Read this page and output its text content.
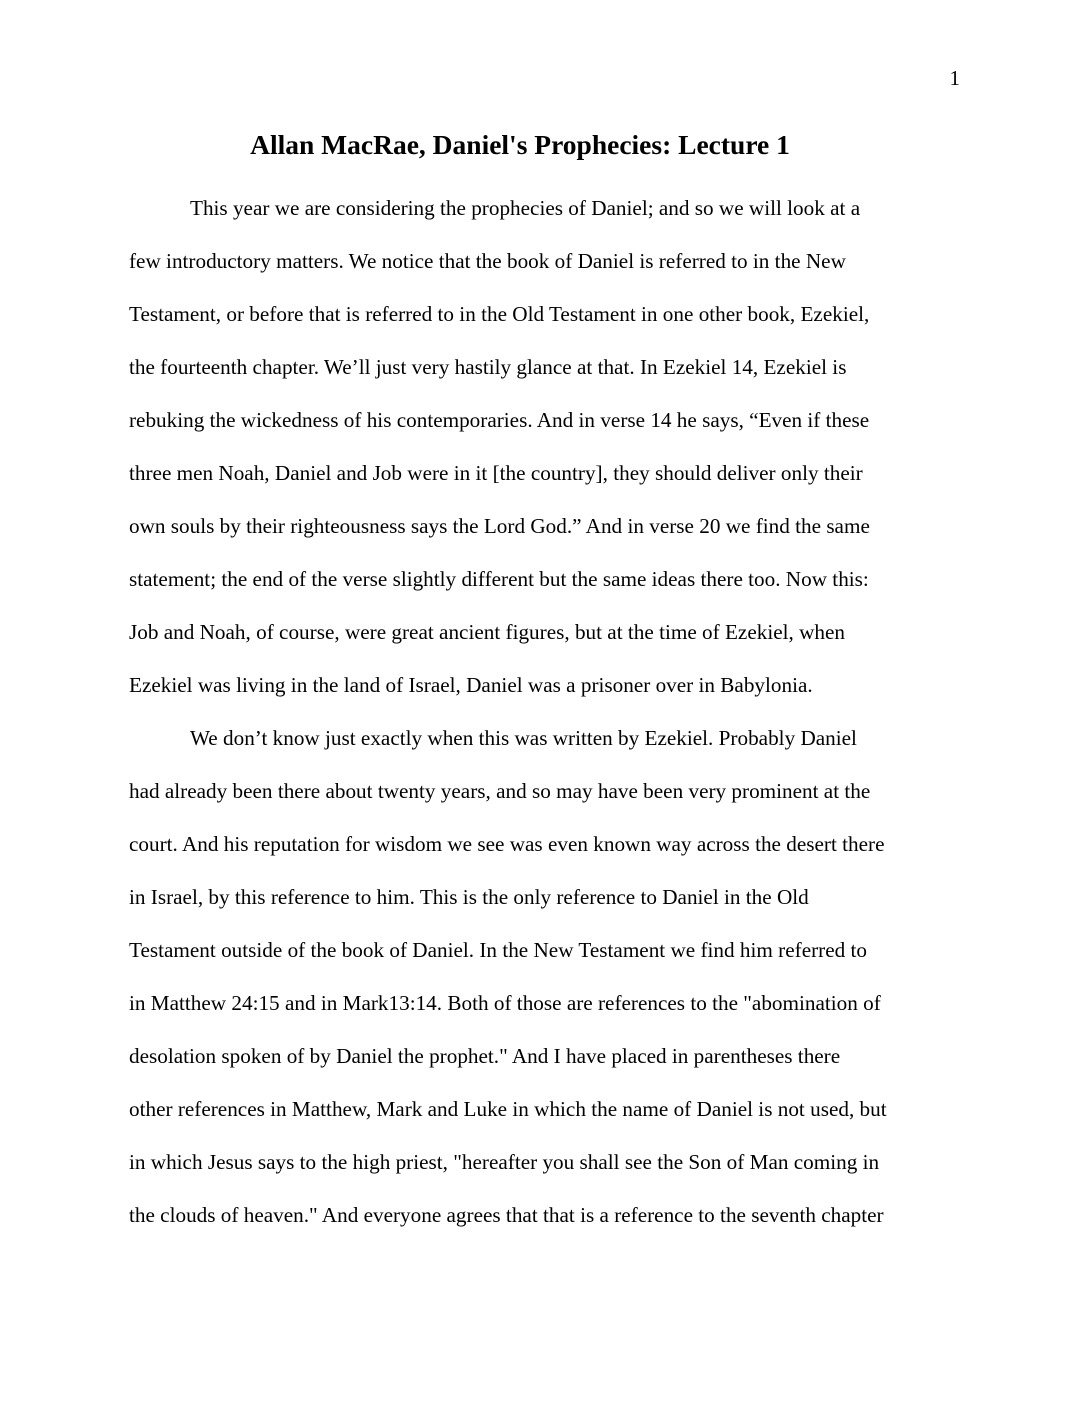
1
Allan MacRae, Daniel's Prophecies: Lecture 1
This year we are considering the prophecies of Daniel; and so we will look at a
few introductory matters. We notice that the book of Daniel is referred to in the New
Testament, or before that is referred to in the Old Testament in one other book, Ezekiel,
the fourteenth chapter. We’ll just very hastily glance at that. In Ezekiel 14, Ezekiel is
rebuking the wickedness of his contemporaries. And in verse 14 he says, “Even if these
three men Noah, Daniel and Job were in it [the country], they should deliver only their
own souls by their righteousness says the Lord God.” And in verse 20 we find the same
statement; the end of the verse slightly different but the same ideas there too. Now this:
Job and Noah, of course, were great ancient figures, but at the time of Ezekiel, when
Ezekiel was living in the land of Israel, Daniel was a prisoner over in Babylonia.
We don’t know just exactly when this was written by Ezekiel. Probably Daniel
had already been there about twenty years, and so may have been very prominent at the
court. And his reputation for wisdom we see was even known way across the desert there
in Israel, by this reference to him. This is the only reference to Daniel in the Old
Testament outside of the book of Daniel. In the New Testament we find him referred to
in Matthew 24:15 and in Mark13:14. Both of those are references to the "abomination of
desolation spoken of by Daniel the prophet." And I have placed in parentheses there
other references in Matthew, Mark and Luke in which the name of Daniel is not used, but
in which Jesus says to the high priest, "hereafter you shall see the Son of Man coming in
the clouds of heaven." And everyone agrees that that is a reference to the seventh chapter
